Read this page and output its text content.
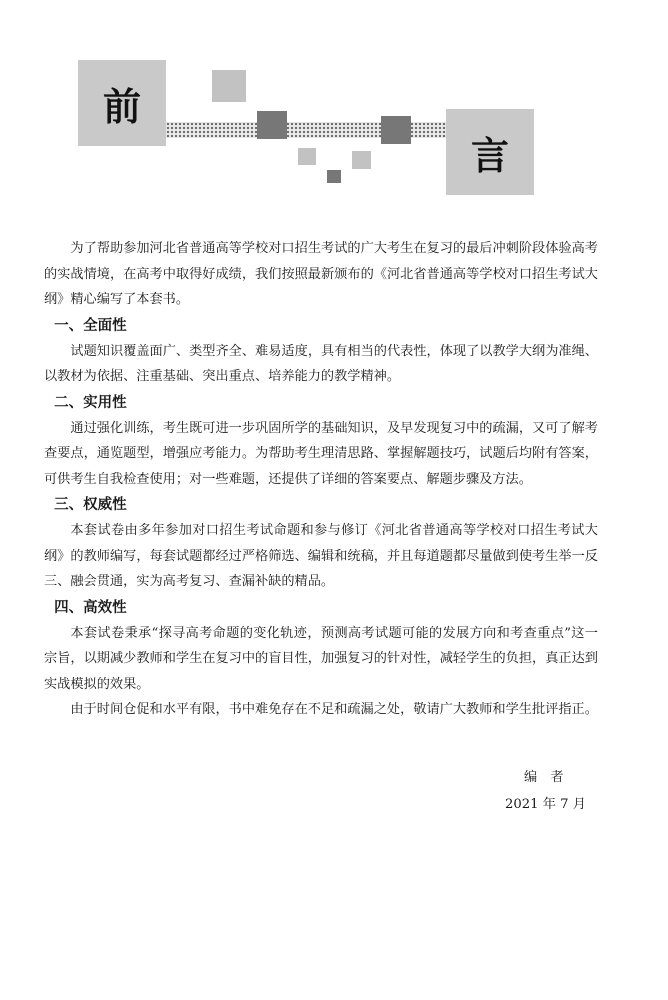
前
言

为了帮助参加河北省普通高等学校对口招生考试的广大考生在复习的最后冲刺阶段体验高考的实战情境，在高考中取得好成绩，我们按照最新颁布的《河北省普通高等学校对口招生考试大纲》精心编写了本套书。

一、全面性

试题知识覆盖面广、类型齐全、难易适度，具有相当的代表性，体现了以教学大纲为准绳、以教材为依据、注重基础、突出重点、培养能力的教学精神。

二、实用性

通过强化训练，考生既可进一步巩固所学的基础知识，及早发现复习中的疏漏，又可了解考查要点，通览题型，增强应考能力。为帮助考生理清思路、掌握解题技巧，试题后均附有答案，可供考生自我检查使用；对一些难题，还提供了详细的答案要点、解题步骤及方法。

三、权威性

本套试卷由多年参加对口招生考试命题和参与修订《河北省普通高等学校对口招生考试大纲》的教师编写，每套试题都经过严格筛选、编辑和统稿，并且每道题都尽量做到使考生举一反三、融会贯通，实为高考复习、查漏补缺的精品。

四、高效性

本套试卷秉承“探寻高考命题的变化轨迹，预测高考试题可能的发展方向和考查重点”这一宗旨，以期减少教师和学生在复习中的盲目性，加强复习的针对性，减轻学生的负担，真正达到实战模拟的效果。

由于时间仓促和水平有限，书中难免存在不足和疏漏之处，敬请广大教师和学生批评指正。

编　者
2021 年 7 月
